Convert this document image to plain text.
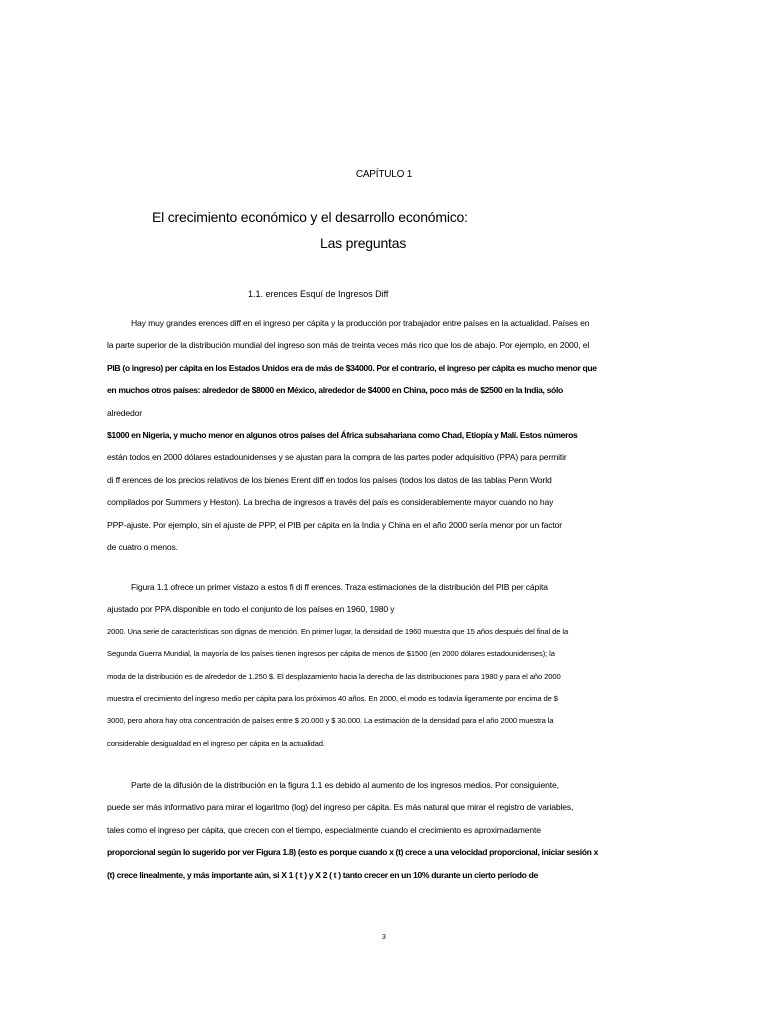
CAPÍTULO 1
El crecimiento económico y el desarrollo económico:
Las preguntas
1.1. erences Esquí de Ingresos Diff
Hay muy grandes erences diff en el ingreso per cápita y la producción por trabajador entre países en la actualidad. Países en
la parte superior de la distribución mundial del ingreso son más de treinta veces más rico que los de abajo. Por ejemplo, en 2000, el
PIB (o ingreso) per cápita en los Estados Unidos era de más de $34000. Por el contrario, el ingreso per cápita es mucho menor que
en muchos otros países: alrededor de $8000 en México, alrededor de $4000 en China, poco más de $2500 en la India, sólo
alrededor
$1000 en Nigeria, y mucho menor en algunos otros países del África subsahariana como Chad, Etiopía y Malí. Estos números
están todos en 2000 dólares estadounidenses y se ajustan para la compra de las partes poder adquisitivo (PPA) para permitir
di ff erences de los precios relativos de los bienes Erent diff en todos los países (todos los datos de las tablas Penn World
compilados por Summers y Heston). La brecha de ingresos a través del país es considerablemente mayor cuando no hay
PPP-ajuste. Por ejemplo, sin el ajuste de PPP, el PIB per cápita en la India y China en el año 2000 sería menor por un factor
de cuatro o menos.
Figura 1.1 ofrece un primer vistazo a estos fi di ff erences. Traza estimaciones de la distribución del PIB per cápita
ajustado por PPA disponible en todo el conjunto de los países en 1960, 1980 y
2000. Una serie de características son dignas de mención. En primer lugar, la densidad de 1960 muestra que 15 años después del final de la
Segunda Guerra Mundial, la mayoría de los países tienen ingresos per cápita de menos de $1500 (en 2000 dólares estadounidenses); la
moda de la distribución es de alrededor de 1.250 $. El desplazamiento hacia la derecha de las distribuciones para 1980 y para el año 2000
muestra el crecimiento del ingreso medio per cápita para los próximos 40 años. En 2000, el modo es todavía ligeramente por encima de $
3000, pero ahora hay otra concentración de países entre $ 20.000 y $ 30.000. La estimación de la densidad para el año 2000 muestra la
considerable desigualdad en el ingreso per cápita en la actualidad.
Parte de la difusión de la distribución en la figura 1.1 es debido al aumento de los ingresos medios. Por consiguiente,
puede ser más informativo para mirar el logaritmo (log) del ingreso per cápita. Es más natural que mirar el registro de variables,
tales como el ingreso per cápita, que crecen con el tiempo, especialmente cuando el crecimiento es aproximadamente
proporcional según lo sugerido por ver Figura 1.8) (esto es porque cuando x (t) crece a una velocidad proporcional, iniciar sesión x
(t) crece linealmente, y más importante aún, si X 1 ( t ) y X 2 ( t ) tanto crecer en un 10% durante un cierto período de
3
